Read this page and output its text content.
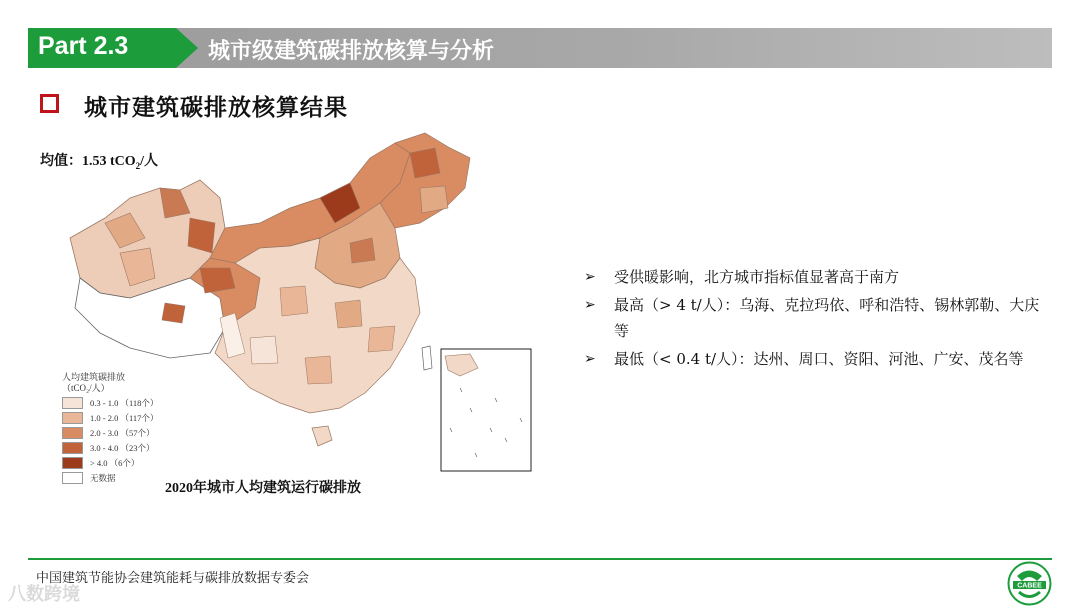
Part 2.3	城市级建筑碳排放核算与分析
城市建筑碳排放核算结果
均值：1.53 tCO$_2$/人
人均建筑碳排放
（tCO₂/人）
0.3 - 1.0 （118个）
1.0 - 2.0 （117个）
2.0 - 3.0 （57个）
3.0 - 4.0 （23个）
> 4.0 （6个）
无数据
2020年城市人均建筑运行碳排放
➢ 受供暖影响，北方城市指标值显著高于南方
➢ 最高（> 4 t/人）：乌海、克拉玛依、呼和浩特、锡林郭勒、大庆等
➢ 最低（< 0.4 t/人）：达州、周口、资阳、河池、广安、茂名等
中国建筑节能协会建筑能耗与碳排放数据专委会
八数跨境	CABEE
